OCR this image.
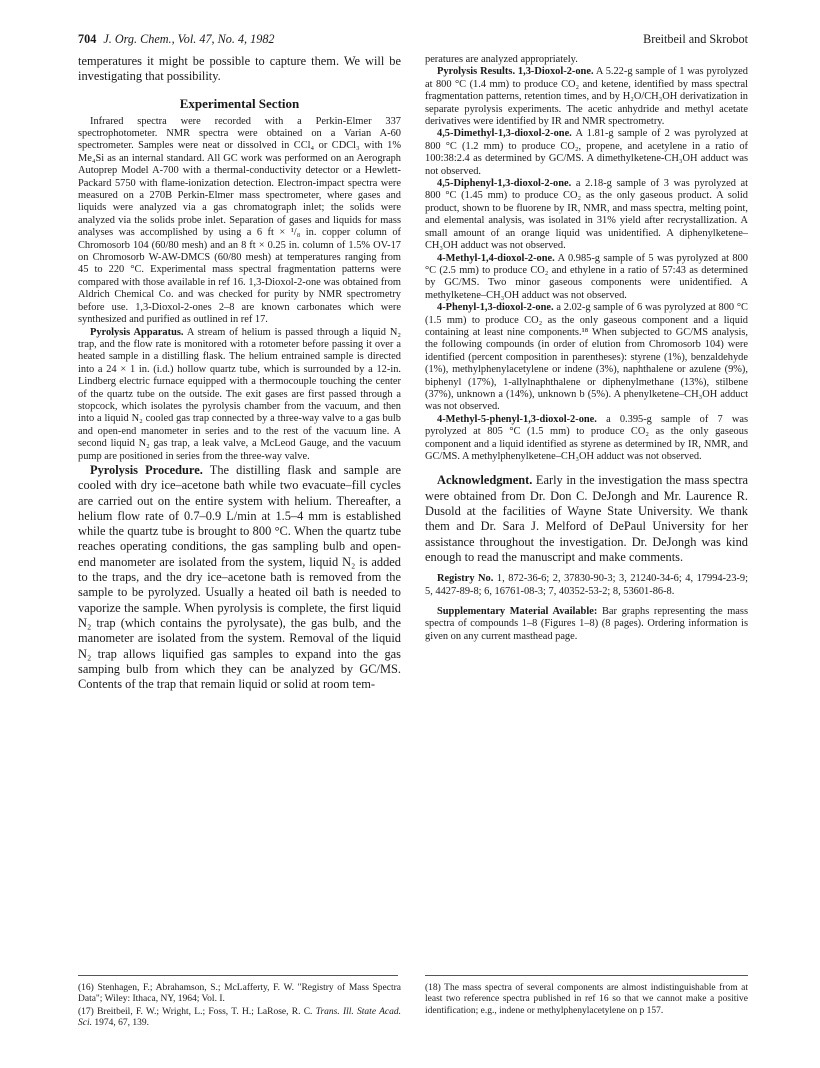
704 J. Org. Chem., Vol. 47, No. 4, 1982	Breitbeil and Skrobot

temperatures it might be possible to capture them. We will be investigating that possibility.

Experimental Section

Infrared spectra were recorded with a Perkin-Elmer 337 spectrophotometer. NMR spectra were obtained on a Varian A-60 spectrometer. Samples were neat or dissolved in CCl₄ or CDCl₃ with 1% Me₄Si as an internal standard. All GC work was performed on an Aerograph Autoprep Model A-700 with a thermal-conductivity detector or a Hewlett-Packard 5750 with flame-ionization detection. Electron-impact spectra were measured on a 270B Perkin-Elmer mass spectrometer, where gases and liquids were analyzed via a gas chromatograph inlet; the solids were analyzed via the solids probe inlet. Separation of gases and liquids for mass analyses was accomplished by using a 6 ft × ¹/₈ in. copper column of Chromosorb 104 (60/80 mesh) and an 8 ft × 0.25 in. column of 1.5% OV-17 on Chromosorb W-AW-DMCS (60/80 mesh) at temperatures ranging from 45 to 220 °C. Experimental mass spectral fragmentation patterns were compared with those available in ref 16. 1,3-Dioxol-2-one was obtained from Aldrich Chemical Co. and was checked for purity by NMR spectrometry before use. 1,3-Dioxol-2-ones 2–8 are known carbonates which were synthesized and purified as outlined in ref 17.

Pyrolysis Apparatus. A stream of helium is passed through a liquid N₂ trap, and the flow rate is monitored with a rotometer before passing it over a heated sample in a distilling flask. The helium entrained sample is directed into a 24 × 1 in. (i.d.) hollow quartz tube, which is surrounded by a 12-in. Lindberg electric furnace equipped with a thermocouple touching the center of the quartz tube on the outside. The exit gases are first passed through a stopcock, which isolates the pyrolysis chamber from the vacuum, and then into a liquid N₂ cooled gas trap connected by a three-way valve to a gas bulb and open-end manometer in series and to the rest of the vacuum line. A second liquid N₂ gas trap, a leak valve, a McLeod Gauge, and the vacuum pump are positioned in series from the three-way valve.

Pyrolysis Procedure. The distilling flask and sample are cooled with dry ice–acetone bath while two evacuate–fill cycles are carried out on the entire system with helium. Thereafter, a helium flow rate of 0.7–0.9 L/min at 1.5–4 mm is established while the quartz tube is brought to 800 °C. When the quartz tube reaches operating conditions, the gas sampling bulb and open-end manometer are isolated from the system, liquid N₂ is added to the traps, and the dry ice–acetone bath is removed from the sample to be pyrolyzed. Usually a heated oil bath is needed to vaporize the sample. When pyrolysis is complete, the first liquid N₂ trap (which contains the pyrolysate), the gas bulb, and the manometer are isolated from the system. Removal of the liquid N₂ trap allows liquified gas samples to expand into the gas samping bulb from which they can be analyzed by GC/MS. Contents of the trap that remain liquid or solid at room tem-

peratures are analyzed appropriately.

Pyrolysis Results. 1,3-Dioxol-2-one. A 5.22-g sample of 1 was pyrolyzed at 800 °C (1.4 mm) to produce CO₂ and ketene, identified by mass spectral fragmentation patterns, retention times, and by H₂O/CH₃OH derivatization in separate pyrolysis experiments. The acetic anhydride and methyl acetate derivatives were identified by IR and NMR spectrometry.

4,5-Dimethyl-1,3-dioxol-2-one. A 1.81-g sample of 2 was pyrolyzed at 800 °C (1.2 mm) to produce CO₂, propene, and acetylene in a ratio of 100:38:2.4 as determined by GC/MS. A dimethylketene-CH₃OH adduct was not observed.

4,5-Diphenyl-1,3-dioxol-2-one. a 2.18-g sample of 3 was pyrolyzed at 800 °C (1.45 mm) to produce CO₂ as the only gaseous product. A solid product, shown to be fluorene by IR, NMR, and mass spectra, melting point, and elemental analysis, was isolated in 31% yield after recrystallization. A small amount of an orange liquid was unidentified. A diphenylketene–CH₃OH adduct was not observed.

4-Methyl-1,4-dioxol-2-one. A 0.985-g sample of 5 was pyrolyzed at 800 °C (2.5 mm) to produce CO₂ and ethylene in a ratio of 57:43 as determined by GC/MS. Two minor gaseous components were unidentified. A methylketene–CH₃OH adduct was not observed.

4-Phenyl-1,3-dioxol-2-one. a 2.02-g sample of 6 was pyrolyzed at 800 °C (1.5 mm) to produce CO₂ as the only gaseous component and a liquid containing at least nine components.¹⁸ When subjected to GC/MS analysis, the following compounds (in order of elution from Chromosorb 104) were identified (percent composition in parentheses): styrene (1%), benzaldehyde (1%), methylphenylacetylene or indene (3%), naphthalene or azulene (9%), biphenyl (17%), 1-allylnaphthalene or diphenylmethane (13%), stilbene (37%), unknown a (14%), unknown b (5%). A phenylketene–CH₃OH adduct was not observed.

4-Methyl-5-phenyl-1,3-dioxol-2-one. a 0.395-g sample of 7 was pyrolyzed at 805 °C (1.5 mm) to produce CO₂ as the only gaseous component and a liquid identified as styrene as determined by IR, NMR, and GC/MS. A methylphenylketene–CH₃OH adduct was not observed.

Acknowledgment. Early in the investigation the mass spectra were obtained from Dr. Don C. DeJongh and Mr. Laurence R. Dusold at the facilities of Wayne State University. We thank them and Dr. Sara J. Melford of DePaul University for her assistance throughout the investigation. Dr. DeJongh was kind enough to read the manuscript and make comments.

Registry No. 1, 872-36-6; 2, 37830-90-3; 3, 21240-34-6; 4, 17994-23-9; 5, 4427-89-8; 6, 16761-08-3; 7, 40352-53-2; 8, 53601-86-8.

Supplementary Material Available: Bar graphs representing the mass spectra of compounds 1–8 (Figures 1–8) (8 pages). Ordering information is given on any current masthead page.

(16) Stenhagen, F.; Abrahamson, S.; McLafferty, F. W. "Registry of Mass Spectra Data"; Wiley: Ithaca, NY, 1964; Vol. I.

(17) Breitbeil, F. W.; Wright, L.; Foss, T. H.; LaRose, R. C. Trans. Ill. State Acad. Sci. 1974, 67, 139.

(18) The mass spectra of several components are almost indistinguishable from at least two reference spectra published in ref 16 so that we cannot make a positive identification; e.g., indene or methylphenylacetylene on p 157.
